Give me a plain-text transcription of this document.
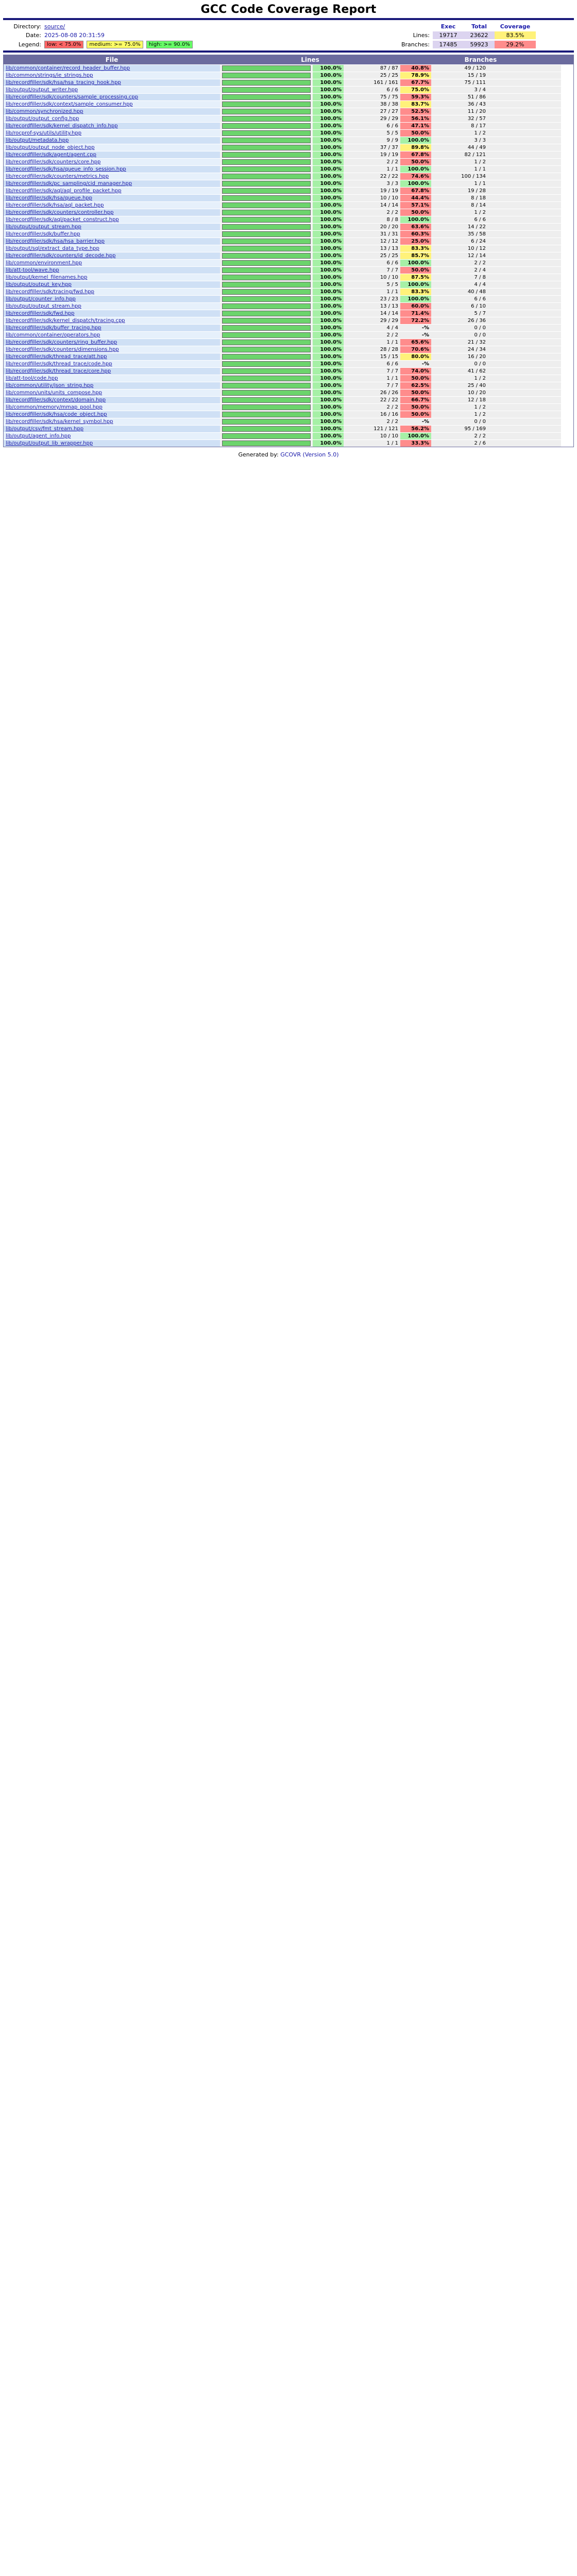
GCC Code Coverage Report
Directory: source/
Date: 2025-08-08 20:31:59
Legend:	low: < 75.0%	medium: >= 75.0%	high: >= 90.0%
Exec	Total	Coverage
Lines:	19717	23622	83.5%
Branches:	17485	59923	29.2%
File	Lines	Branches
lib/common/container/record_header_buffer.hpp	100.0%	87 / 87	40.8%	49 / 120
lib/common/strings/ie_strings.hpp	100.0%	25 / 25	78.9%	15 / 19
lib/recordfiller/sdk/hsa/hsa_tracing_hook.hpp	100.0%	161 / 161	67.7%	75 / 111
lib/output/output_writer.hpp	100.0%	6 / 6	75.0%	3 / 4
lib/recordfiller/sdk/counters/sample_processing.cpp	100.0%	75 / 75	59.3%	51 / 86
lib/recordfiller/sdk/context/sample_consumer.hpp	100.0%	38 / 38	83.7%	36 / 43
lib/common/synchronized.hpp	100.0%	27 / 27	52.5%	11 / 20
lib/output/output_config.hpp	100.0%	29 / 29	56.1%	32 / 57
lib/recordfiller/sdk/kernel_dispatch_info.hpp	100.0%	6 / 6	47.1%	8 / 17
lib/rocprof-sys/utils/utility.hpp	100.0%	5 / 5	50.0%	1 / 2
lib/output/metadata.hpp	100.0%	9 / 9	100.0%	3 / 3
lib/output/output_node_object.hpp	100.0%	37 / 37	89.8%	44 / 49
lib/recordfiller/sdk/agent/agent.cpp	100.0%	19 / 19	67.8%	82 / 121
lib/recordfiller/sdk/counters/core.hpp	100.0%	2 / 2	50.0%	1 / 2
lib/recordfiller/sdk/hsa/queue_info_session.hpp	100.0%	1 / 1	100.0%	1 / 1
lib/recordfiller/sdk/counters/metrics.hpp	100.0%	22 / 22	74.6%	100 / 134
lib/recordfiller/sdk/pc_sampling/cid_manager.hpp	100.0%	3 / 3	100.0%	1 / 1
lib/recordfiller/sdk/aql/aql_profile_packet.hpp	100.0%	19 / 19	67.8%	19 / 28
lib/recordfiller/sdk/hsa/queue.hpp	100.0%	10 / 10	44.4%	8 / 18
lib/recordfiller/sdk/hsa/aql_packet.hpp	100.0%	14 / 14	57.1%	8 / 14
lib/recordfiller/sdk/counters/controller.hpp	100.0%	2 / 2	50.0%	1 / 2
lib/recordfiller/sdk/aql/packet_construct.hpp	100.0%	8 / 8	100.0%	6 / 6
lib/output/output_stream.hpp	100.0%	20 / 20	63.6%	14 / 22
lib/recordfiller/sdk/buffer.hpp	100.0%	31 / 31	60.3%	35 / 58
lib/recordfiller/sdk/hsa/hsa_barrier.hpp	100.0%	12 / 12	25.0%	6 / 24
lib/output/sql/extract_data_type.hpp	100.0%	13 / 13	83.3%	10 / 12
lib/recordfiller/sdk/counters/id_decode.hpp	100.0%	25 / 25	85.7%	12 / 14
lib/common/environment.hpp	100.0%	6 / 6	100.0%	2 / 2
lib/att-tool/wave.hpp	100.0%	7 / 7	50.0%	2 / 4
lib/output/kernel_filenames.hpp	100.0%	10 / 10	87.5%	7 / 8
lib/output/output_key.hpp	100.0%	5 / 5	100.0%	4 / 4
lib/recordfiller/sdk/tracing/fwd.hpp	100.0%	1 / 1	83.3%	40 / 48
lib/output/counter_info.hpp	100.0%	23 / 23	100.0%	6 / 6
lib/output/output_stream.hpp	100.0%	13 / 13	60.0%	6 / 10
lib/recordfiller/sdk/fwd.hpp	100.0%	14 / 14	71.4%	5 / 7
lib/recordfiller/sdk/kernel_dispatch/tracing.cpp	100.0%	29 / 29	72.2%	26 / 36
lib/recordfiller/sdk/buffer_tracing.hpp	100.0%	4 / 4	-%	0 / 0
lib/common/container/operators.hpp	100.0%	2 / 2	-%	0 / 0
lib/recordfiller/sdk/counters/ring_buffer.hpp	100.0%	1 / 1	65.6%	21 / 32
lib/recordfiller/sdk/counters/dimensions.hpp	100.0%	28 / 28	70.6%	24 / 34
lib/recordfiller/sdk/thread_trace/att.hpp	100.0%	15 / 15	80.0%	16 / 20
lib/recordfiller/sdk/thread_trace/code.hpp	100.0%	6 / 6	-%	0 / 0
lib/recordfiller/sdk/thread_trace/core.hpp	100.0%	7 / 7	74.0%	41 / 62
lib/att-tool/code.hpp	100.0%	1 / 1	50.0%	1 / 2
lib/common/utility/json_string.hpp	100.0%	7 / 7	62.5%	25 / 40
lib/common/units/units_compose.hpp	100.0%	26 / 26	50.0%	10 / 20
lib/recordfiller/sdk/context/domain.hpp	100.0%	22 / 22	66.7%	12 / 18
lib/common/memory/mmap_pool.hpp	100.0%	2 / 2	50.0%	1 / 2
lib/recordfiller/sdk/hsa/code_object.hpp	100.0%	16 / 16	50.0%	1 / 2
lib/recordfiller/sdk/hsa/kernel_symbol.hpp	100.0%	2 / 2	-%	0 / 0
lib/output/csv/fmt_stream.hpp	100.0%	121 / 121	56.2%	95 / 169
lib/output/agent_info.hpp	100.0%	10 / 10	100.0%	2 / 2
lib/output/output_lib_wrapper.hpp	100.0%	1 / 1	33.3%	2 / 6
Generated by: GCOVR (Version 5.0)
